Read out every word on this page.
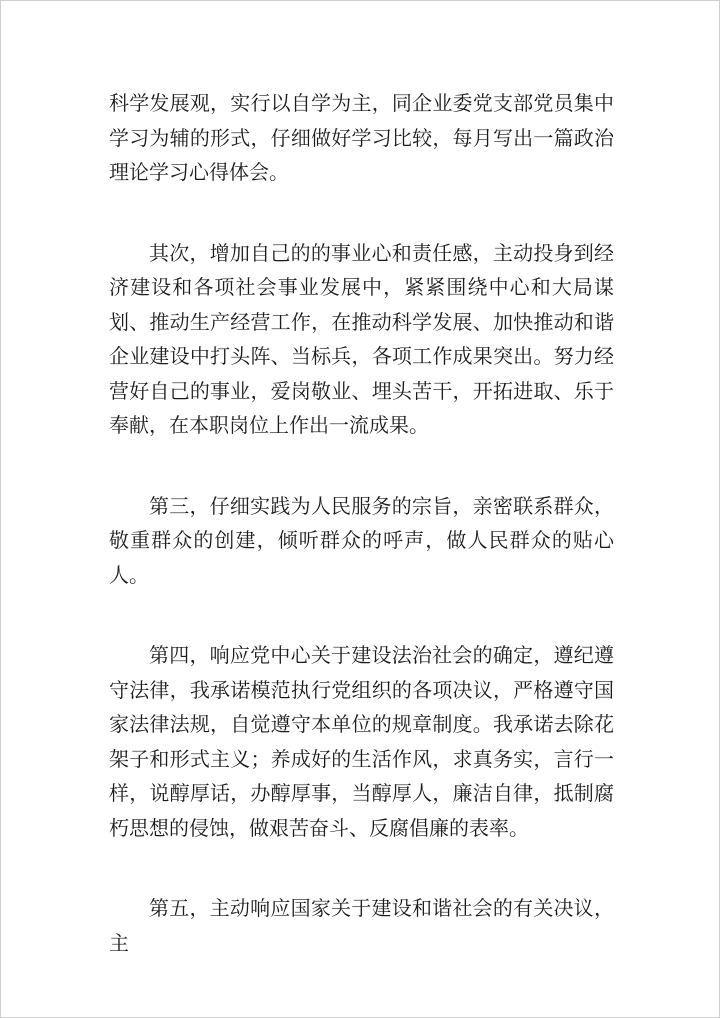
科学发展观，实行以自学为主，同企业委党支部党员集中学习为辅的形式，仔细做好学习比较，每月写出一篇政治理论学习心得体会。

其次，增加自己的的事业心和责任感，主动投身到经济建设和各项社会事业发展中，紧紧围绕中心和大局谋划、推动生产经营工作，在推动科学发展、加快推动和谐企业建设中打头阵、当标兵，各项工作成果突出。努力经营好自己的事业，爱岗敬业、埋头苦干，开拓进取、乐于奉献，在本职岗位上作出一流成果。

第三，仔细实践为人民服务的宗旨，亲密联系群众，敬重群众的创建，倾听群众的呼声，做人民群众的贴心人。

第四，响应党中心关于建设法治社会的确定，遵纪遵守法律，我承诺模范执行党组织的各项决议，严格遵守国家法律法规，自觉遵守本单位的规章制度。我承诺去除花架子和形式主义；养成好的生活作风，求真务实，言行一样，说醇厚话，办醇厚事，当醇厚人，廉洁自律，抵制腐朽思想的侵蚀，做艰苦奋斗、反腐倡廉的表率。

第五，主动响应国家关于建设和谐社会的有关决议，主
